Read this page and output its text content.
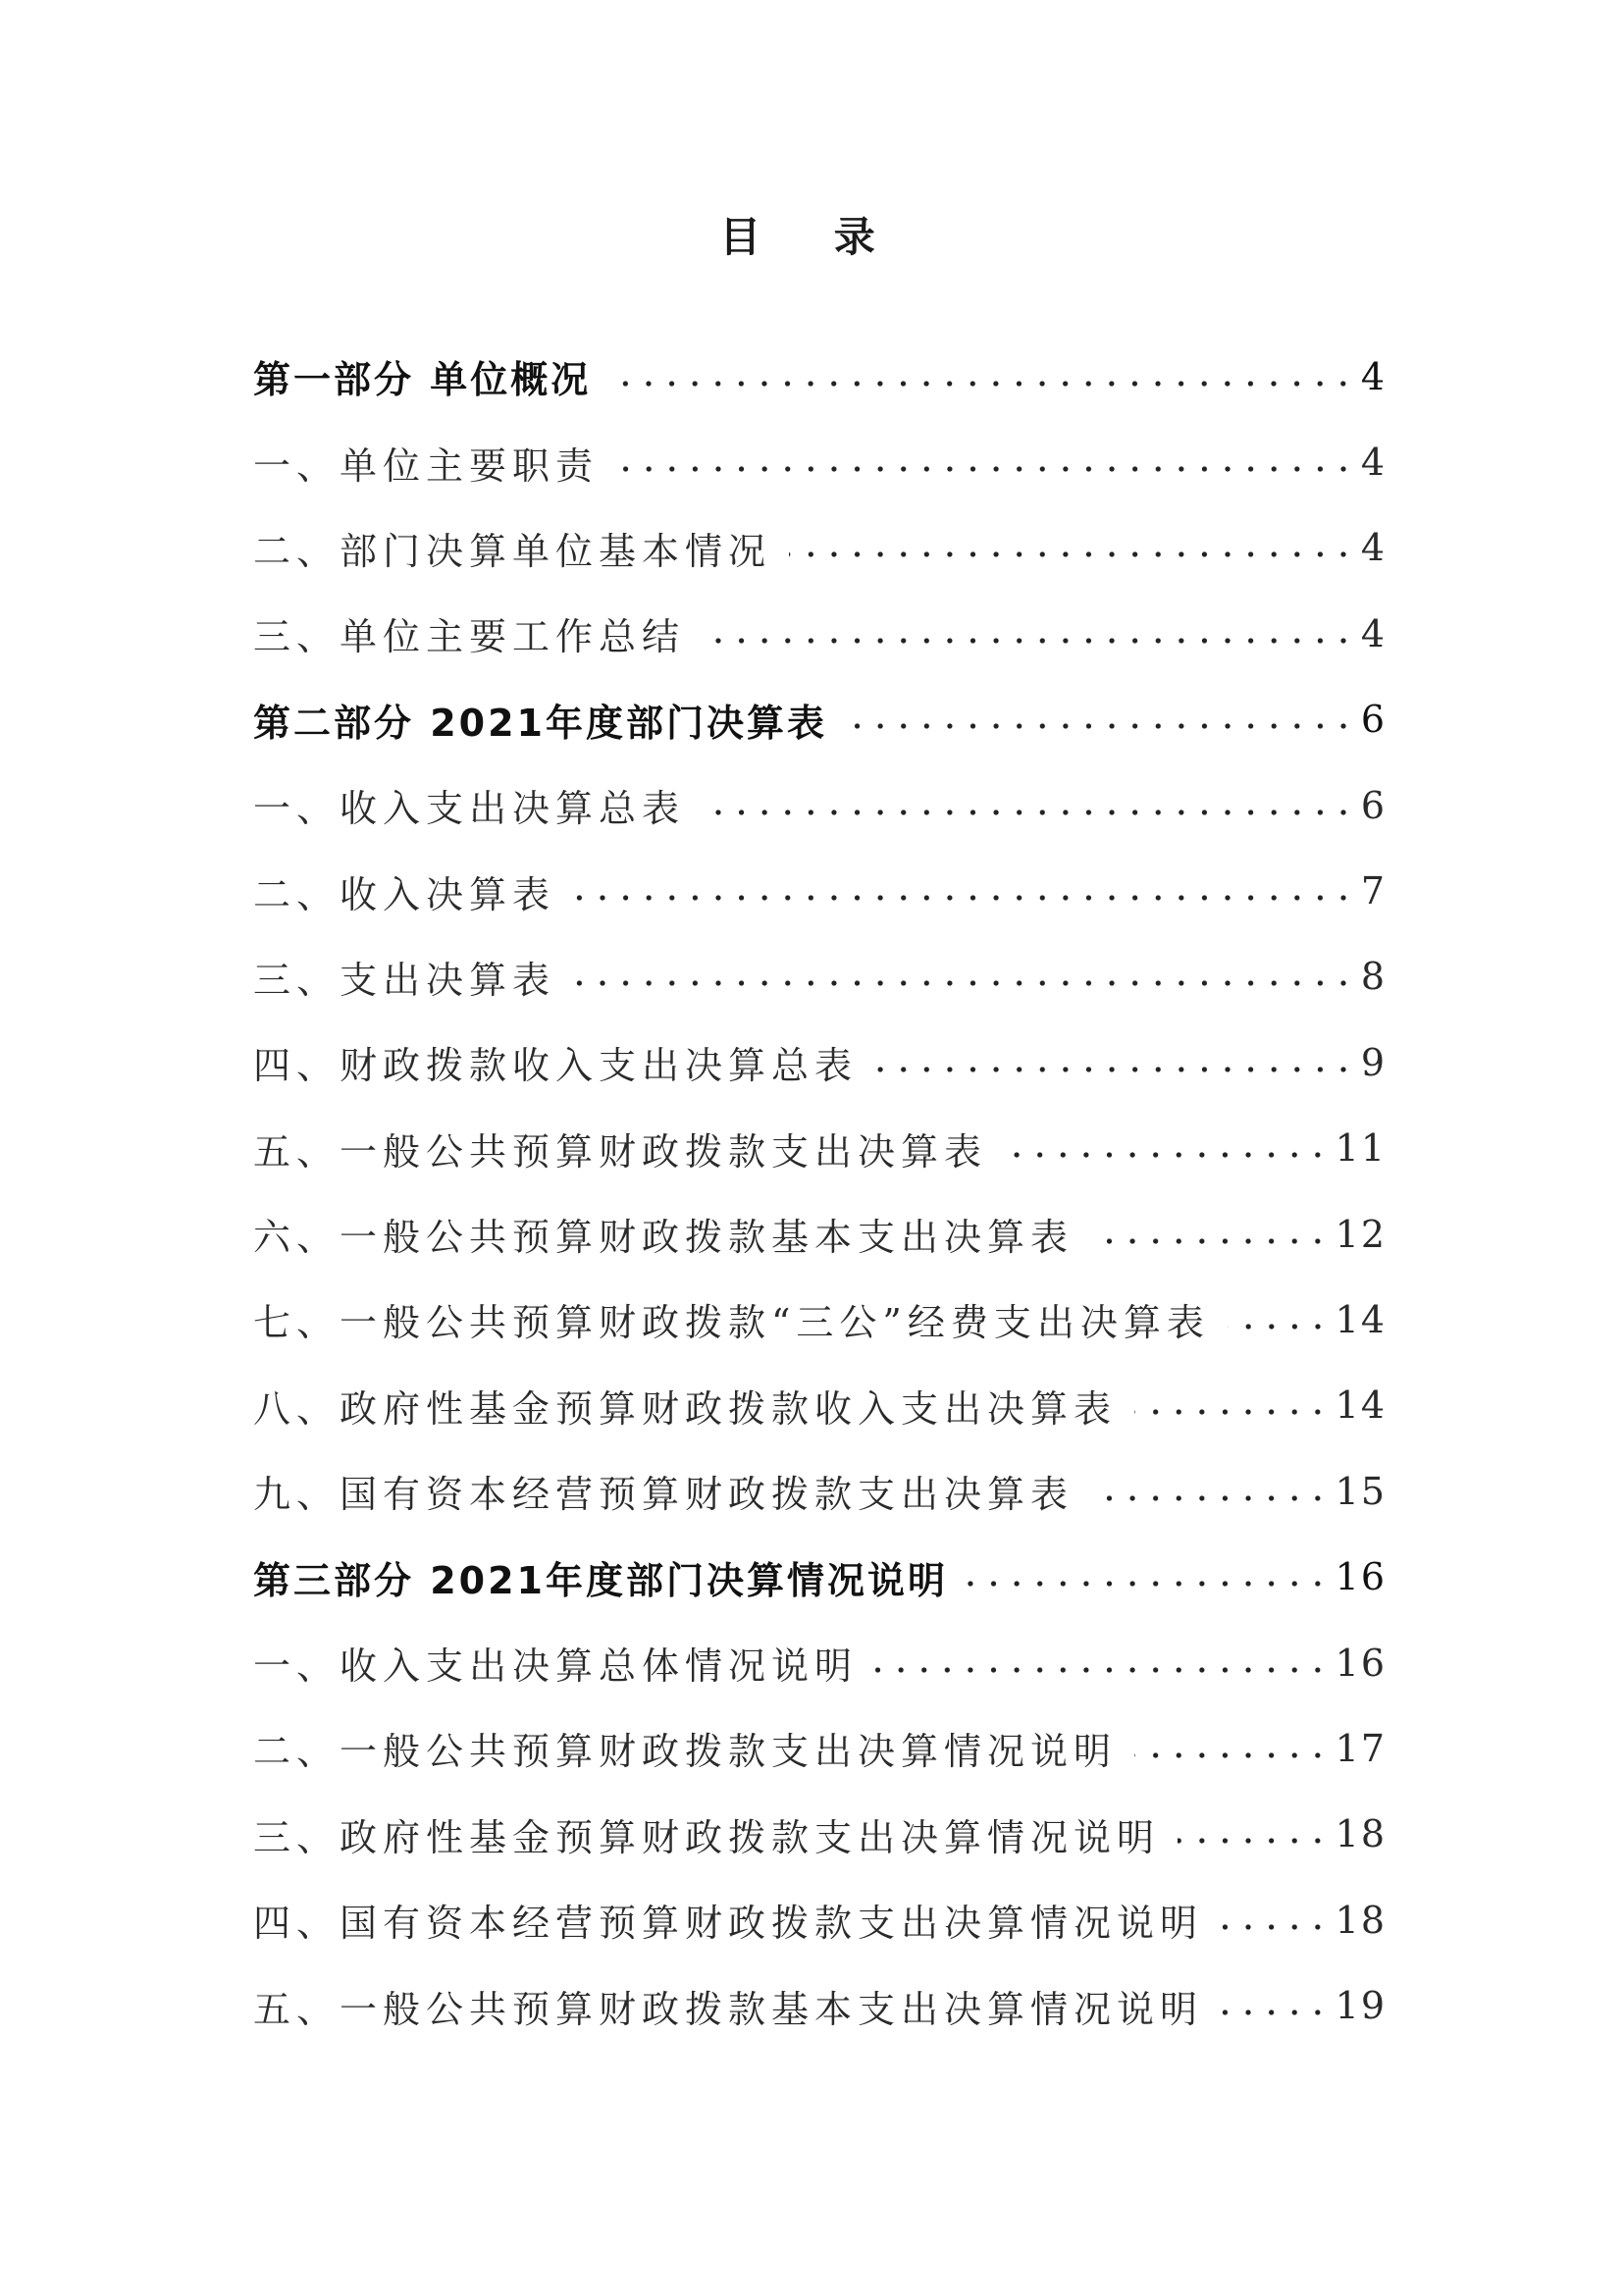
目 录
第一部分 单位概况	4
一、单位主要职责	4
二、部门决算单位基本情况	4
三、单位主要工作总结	4
第二部分 2021年度部门决算表	6
一、收入支出决算总表	6
二、收入决算表	7
三、支出决算表	8
四、财政拨款收入支出决算总表	9
五、一般公共预算财政拨款支出决算表	11
六、一般公共预算财政拨款基本支出决算表	12
七、一般公共预算财政拨款“三公”经费支出决算表	14
八、政府性基金预算财政拨款收入支出决算表	14
九、国有资本经营预算财政拨款支出决算表	15
第三部分 2021年度部门决算情况说明	16
一、收入支出决算总体情况说明	16
二、一般公共预算财政拨款支出决算情况说明	17
三、政府性基金预算财政拨款支出决算情况说明	18
四、国有资本经营预算财政拨款支出决算情况说明	18
五、一般公共预算财政拨款基本支出决算情况说明	19
